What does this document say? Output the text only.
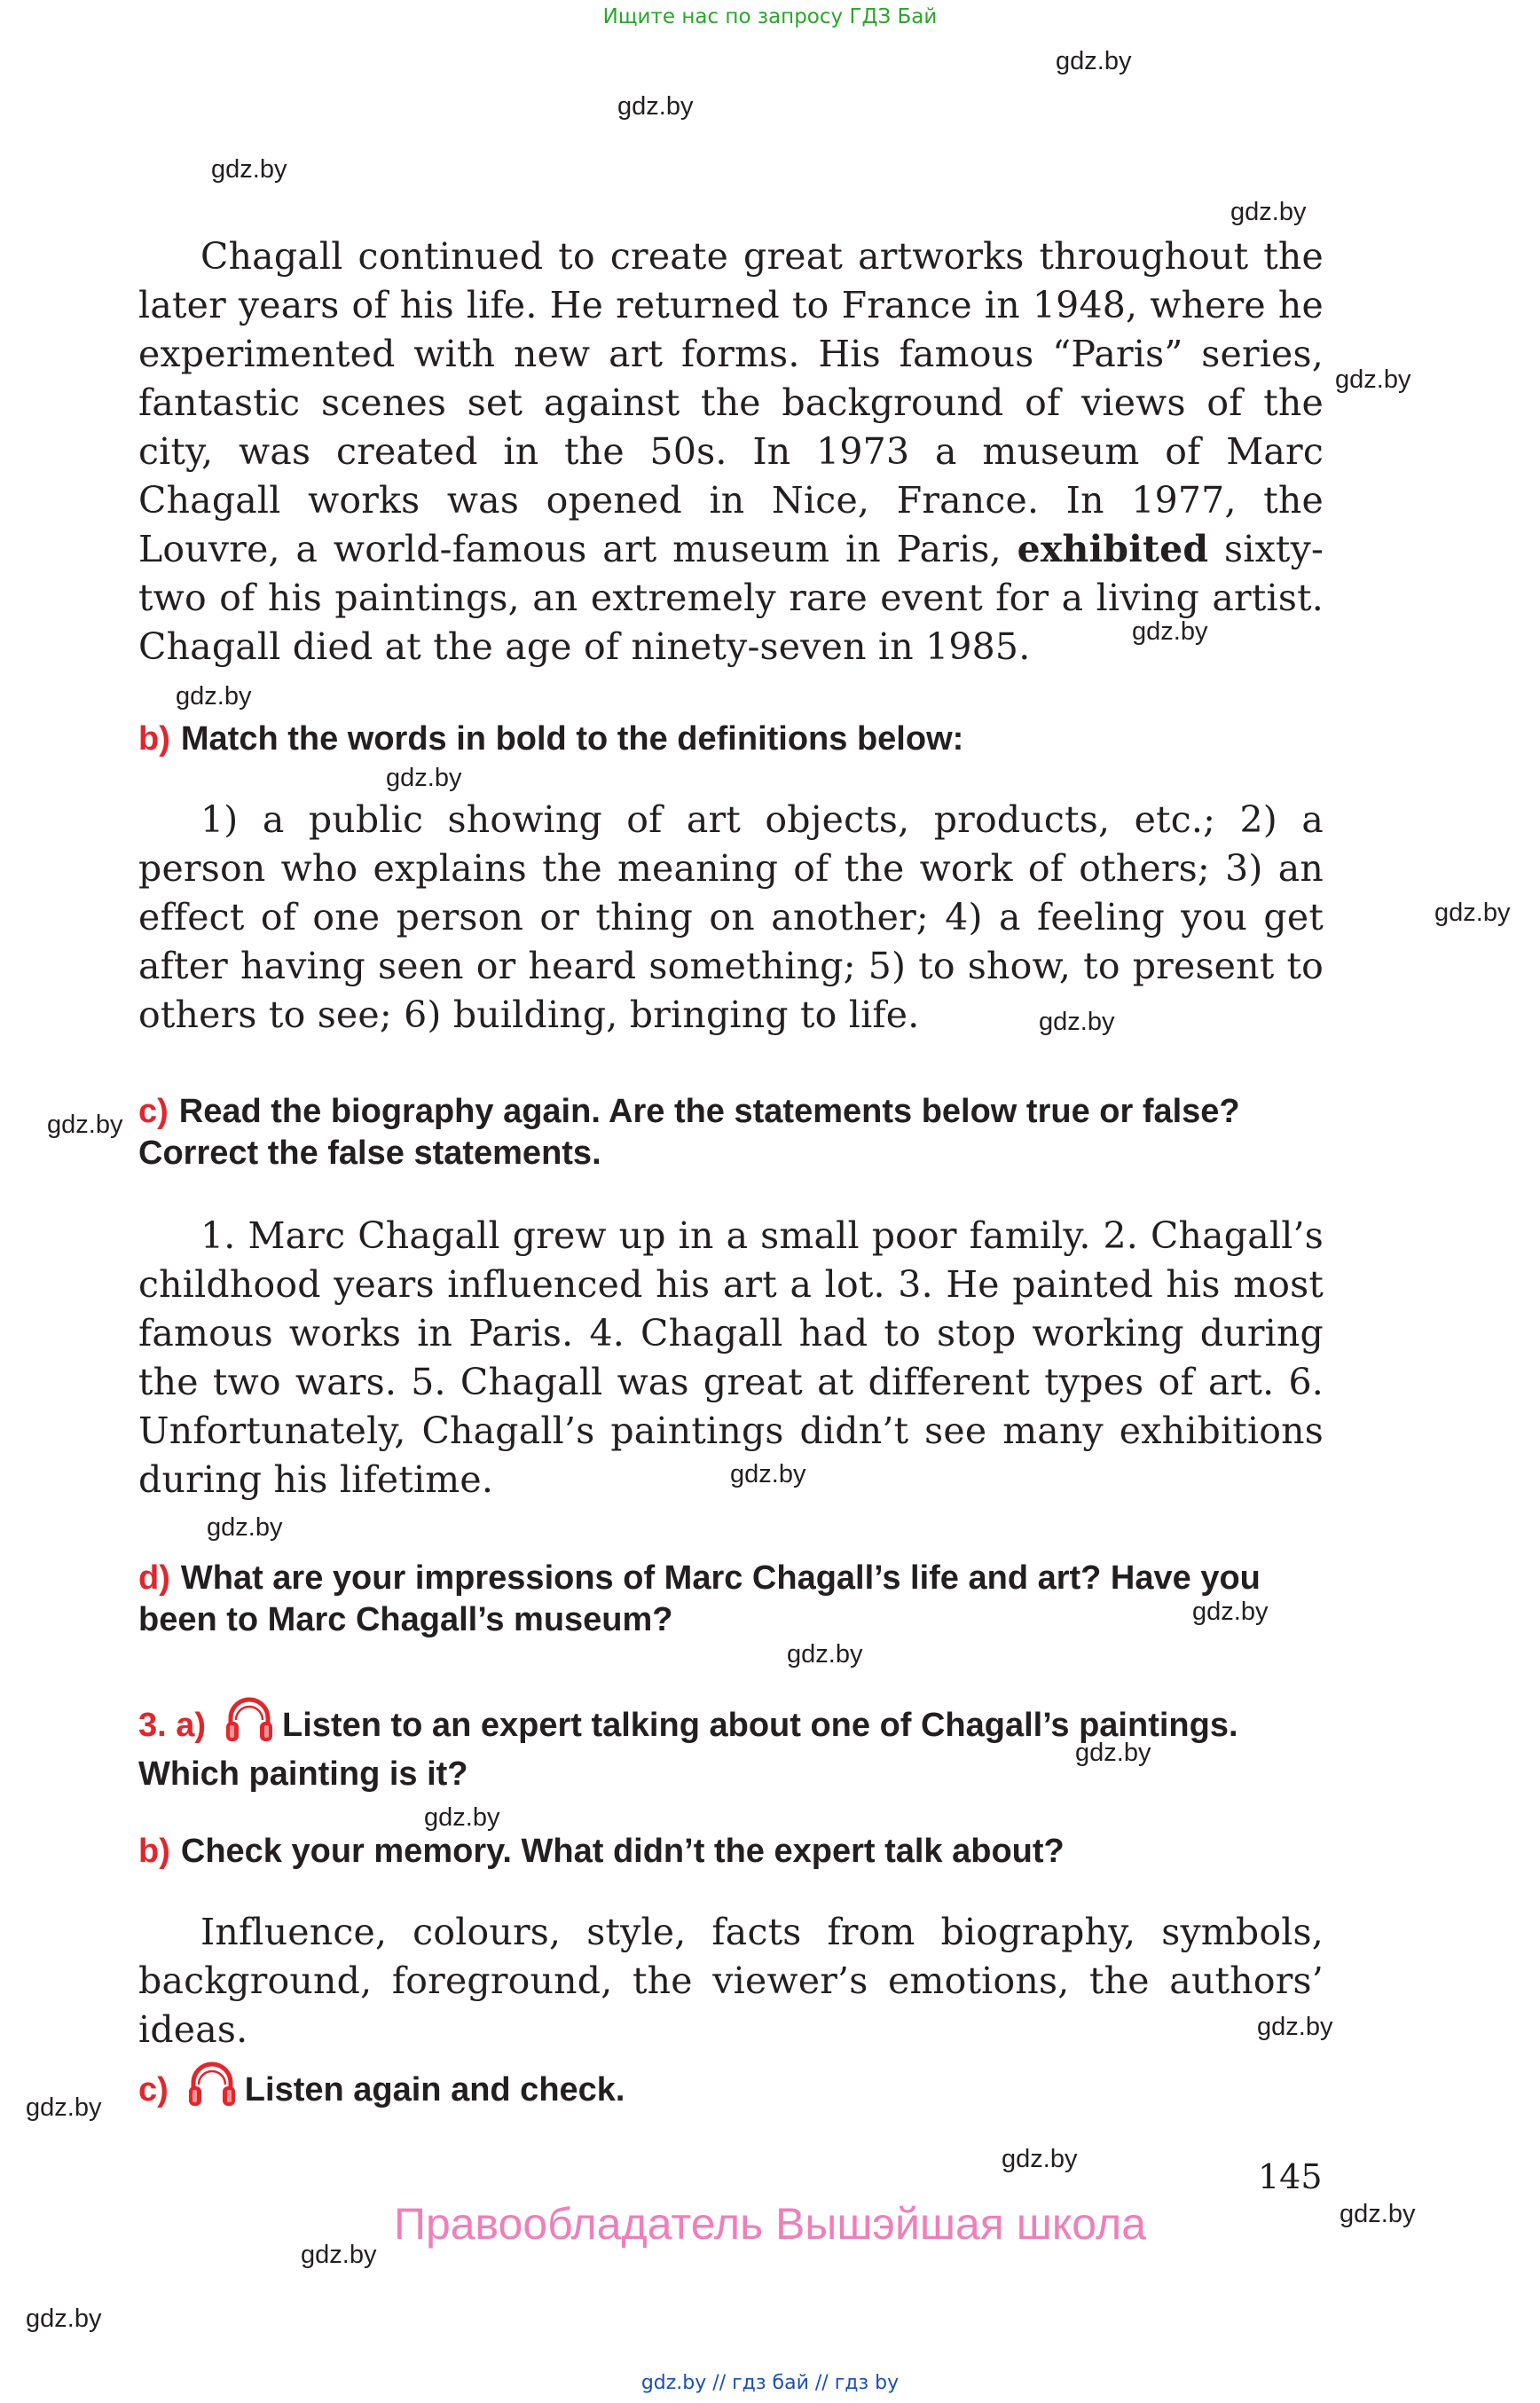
Ищите нас по запросу ГДЗ Бай
gdz.by
gdz.by
gdz.by
gdz.by
gdz.by
gdz.by
gdz.by
gdz.by
gdz.by
gdz.by
gdz.by
gdz.by
gdz.by
gdz.by
gdz.by
gdz.by
gdz.by
gdz.by
gdz.by
gdz.by
gdz.by
gdz.by
gdz.by

Chagall continued to create great artworks throughout the later years of his life. He returned to France in 1948, where he experimented with new art forms. His famous “Paris” series, fantastic scenes set against the background of views of the city, was created in the 50s. In 1973 a museum of Marc Chagall works was opened in Nice, France. In 1977, the Louvre, a world-famous art museum in Paris, exhibited sixty-two of his paintings, an extremely rare event for a living artist. Chagall died at the age of ninety-seven in 1985.

b) Match the words in bold to the definitions below:

1) a public showing of art objects, products, etc.; 2) a person who explains the meaning of the work of others; 3) an effect of one person or thing on another; 4) a feeling you get after having seen or heard something; 5) to show, to present to others to see; 6) building, bringing to life.

c) Read the biography again. Are the statements below true or false? Correct the false statements.

1. Marc Chagall grew up in a small poor family. 2. Chagall’s childhood years influenced his art a lot. 3. He painted his most famous works in Paris. 4. Chagall had to stop working during the two wars. 5. Chagall was great at different types of art. 6. Unfortunately, Chagall’s paintings didn’t see many exhibitions during his lifetime.

d) What are your impressions of Marc Chagall’s life and art? Have you been to Marc Chagall’s museum?

3. a) Listen to an expert talking about one of Chagall’s paintings. Which painting is it?

b) Check your memory. What didn’t the expert talk about?

Influence, colours, style, facts from biography, symbols, background, foreground, the viewer’s emotions, the authors’ ideas.

c) Listen again and check.

145
Правообладатель Вышэйшая школа
gdz.by // гдз бай // гдз by
